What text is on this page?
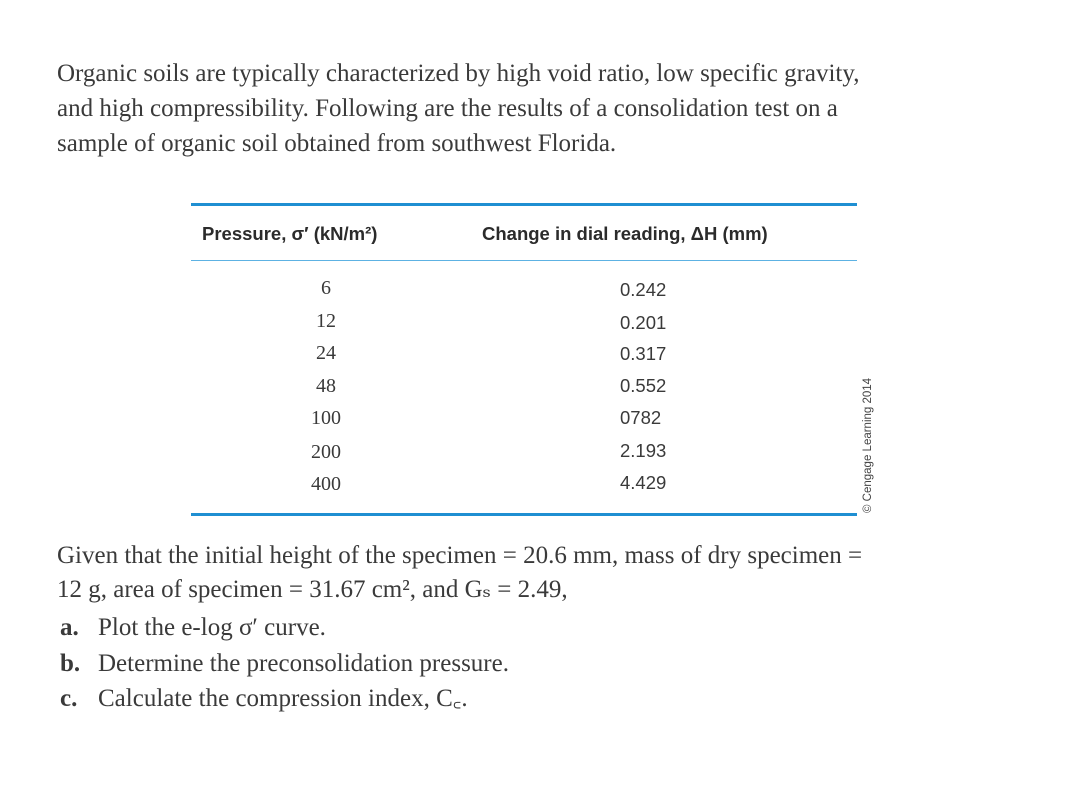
Organic soils are typically characterized by high void ratio, low specific gravity,
and high compressibility. Following are the results of a consolidation test on a
sample of organic soil obtained from southwest Florida.
Pressure, σ′ (kN/m²)	Change in dial reading, ΔH (mm)
6	0.242
12	0.201
24	0.317
48	0.552
100	0782
200	2.193
400	4.429	© Cengage Learning 2014
Given that the initial height of the specimen = 20.6 mm, mass of dry specimen =
12 g, area of specimen = 31.67 cm², and Gₛ = 2.49,
a. Plot the e-log σ′ curve.
b. Determine the preconsolidation pressure.
c. Calculate the compression index, C꜀.
